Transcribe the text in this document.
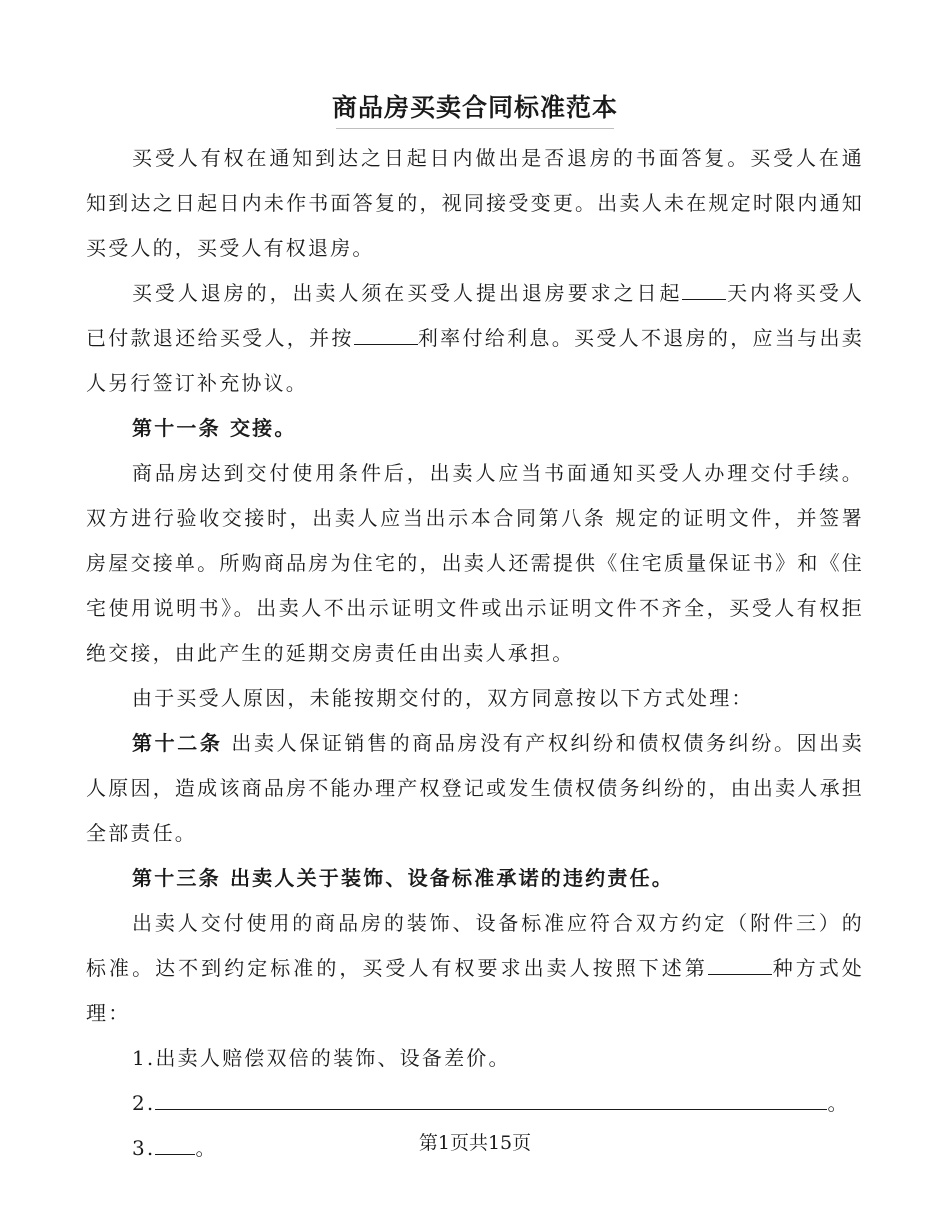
商品房买卖合同标准范本

买受人有权在通知到达之日起日内做出是否退房的书面答复。买受人在通知到达之日起日内未作书面答复的，视同接受变更。出卖人未在规定时限内通知买受人的，买受人有权退房。

买受人退房的，出卖人须在买受人提出退房要求之日起 天内将买受人已付款退还给买受人，并按	利率付给利息。买受人不退房的，应当与出卖人另行签订补充协议。

第十一条 交接。

商品房达到交付使用条件后，出卖人应当书面通知买受人办理交付手续。双方进行验收交接时，出卖人应当出示本合同第八条 规定的证明文件，并签署房屋交接单。所购商品房为住宅的，出卖人还需提供《住宅质量保证书》和《住宅使用说明书》。出卖人不出示证明文件或出示证明文件不齐全，买受人有权拒绝交接，由此产生的延期交房责任由出卖人承担。

由于买受人原因，未能按期交付的，双方同意按以下方式处理：

第十二条 出卖人保证销售的商品房没有产权纠纷和债权债务纠纷。因出卖人原因，造成该商品房不能办理产权登记或发生债权债务纠纷的，由出卖人承担全部责任。

第十三条 出卖人关于装饰、设备标准承诺的违约责任。

出卖人交付使用的商品房的装饰、设备标准应符合双方约定（附件三）的标准。达不到约定标准的，买受人有权要求出卖人按照下述第	种方式处理：

1.出卖人赔偿双倍的装饰、设备差价。

2.	。

3. 。	第1页共15页
